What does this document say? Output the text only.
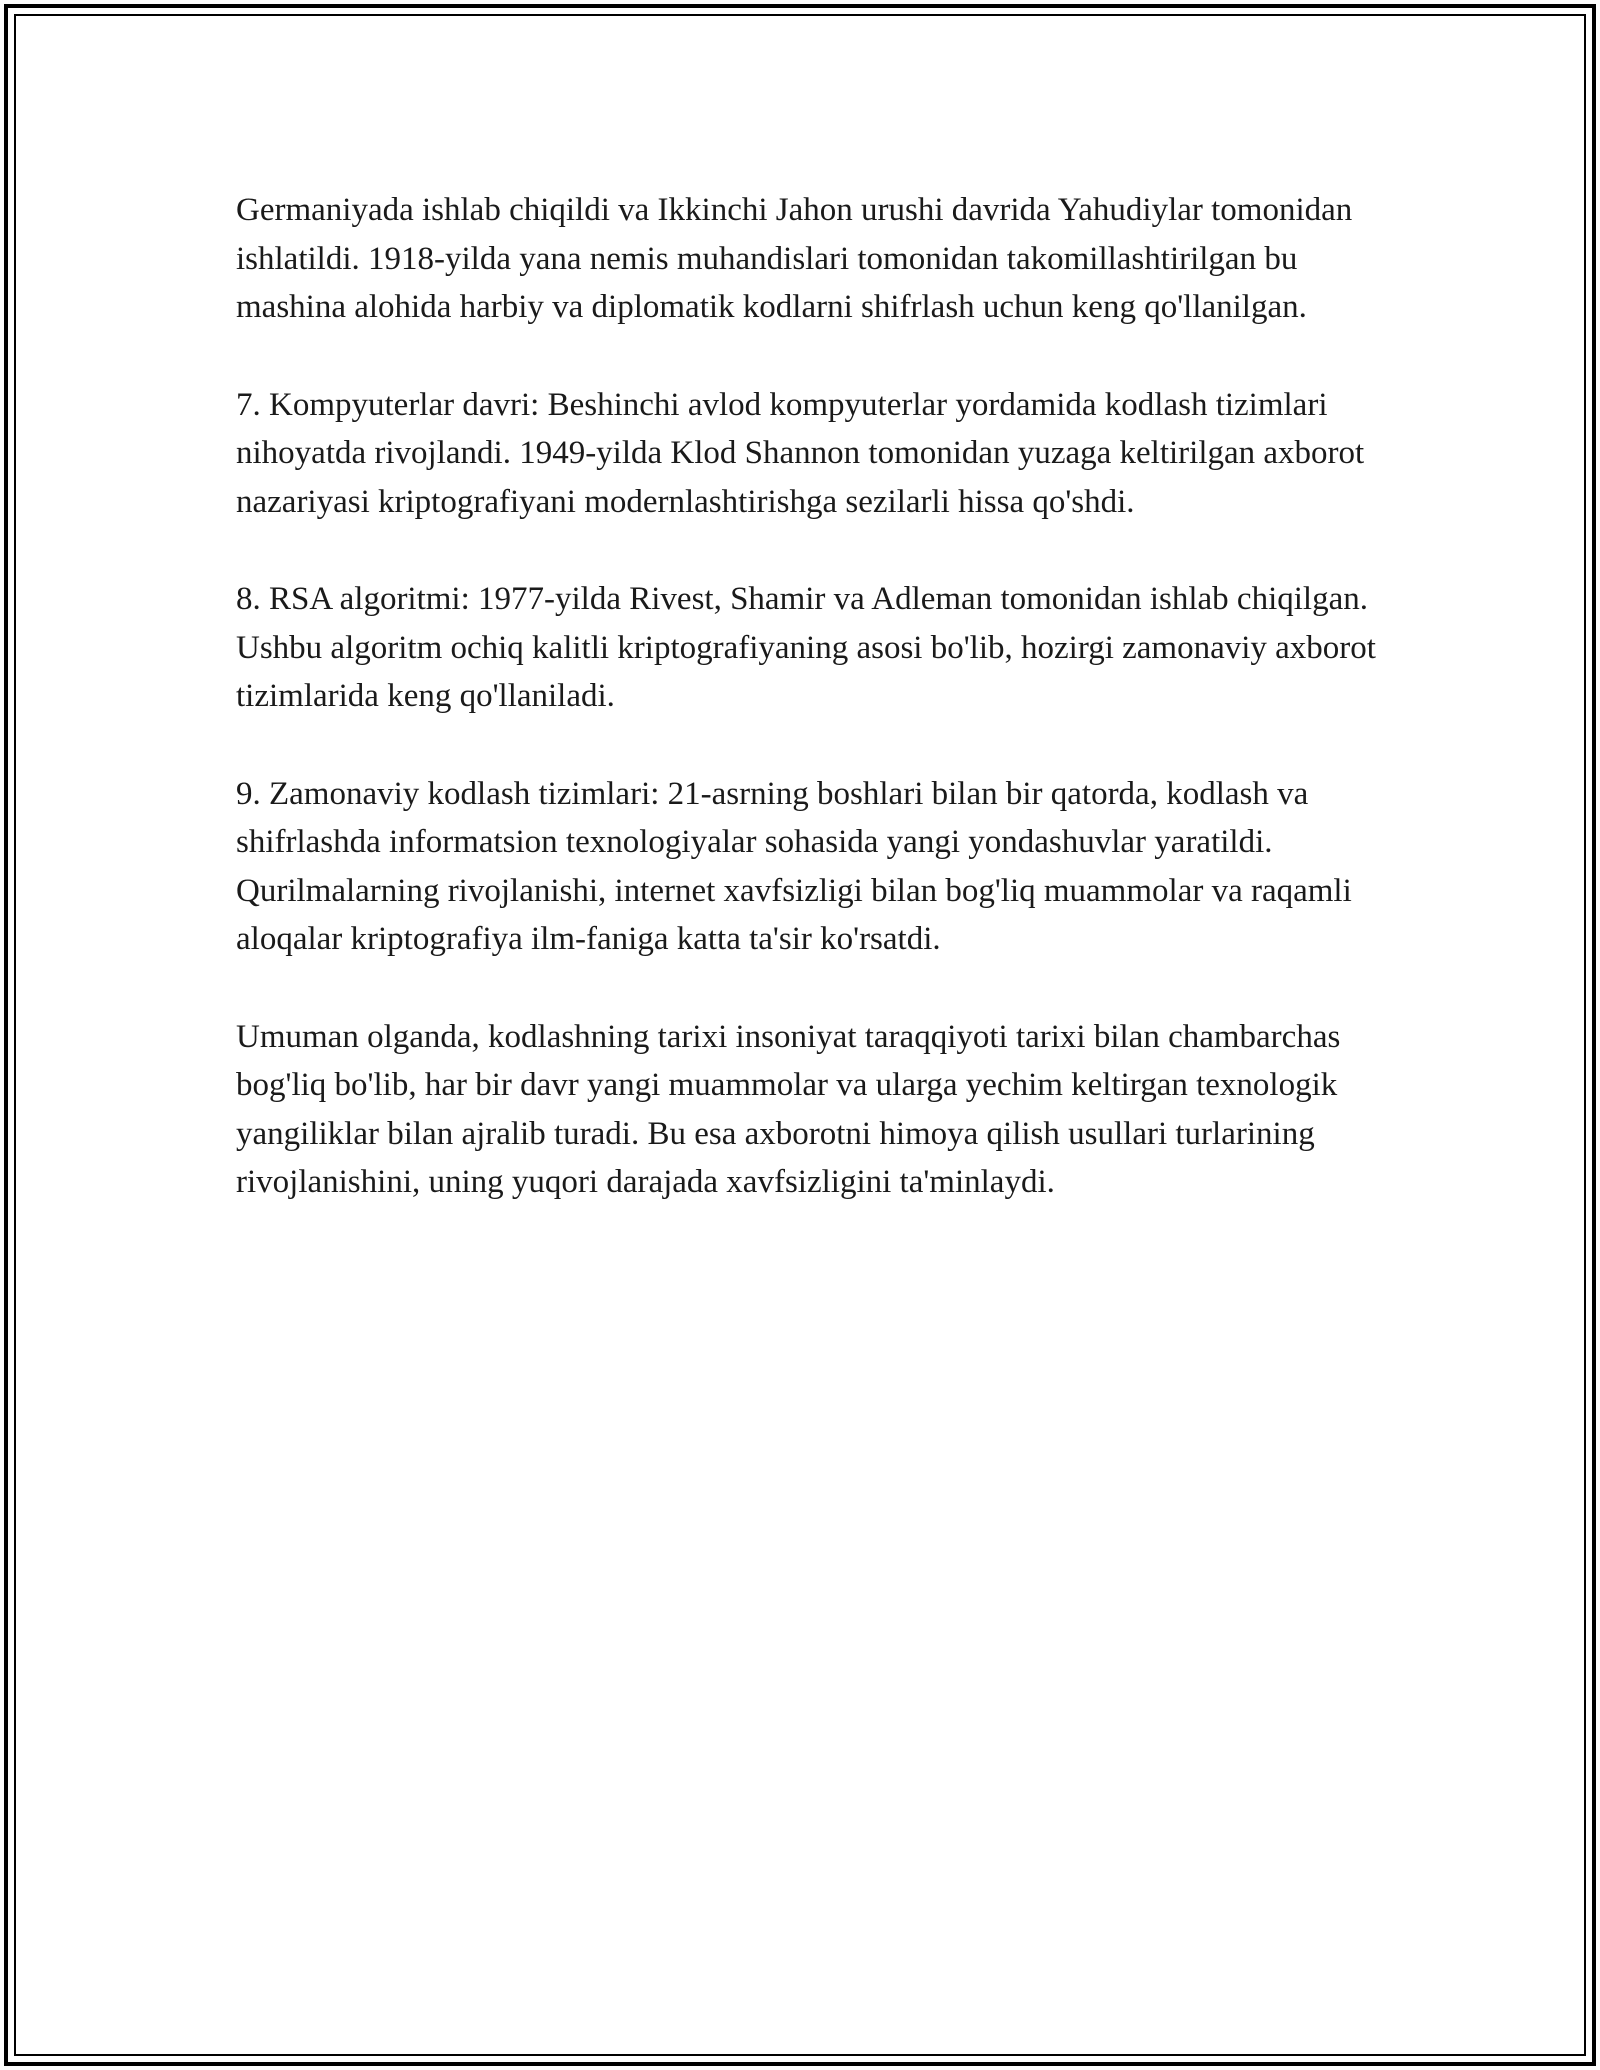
Germaniyada ishlab chiqildi va Ikkinchi Jahon urushi davrida Yahudiylar tomonidan ishlatildi. 1918-yilda yana nemis muhandislari tomonidan takomillashtirilgan bu mashina alohida harbiy va diplomatik kodlarni shifrlash uchun keng qo'llanilgan.

7. Kompyuterlar davri: Beshinchi avlod kompyuterlar yordamida kodlash tizimlari nihoyatda rivojlandi. 1949-yilda Klod Shannon tomonidan yuzaga keltirilgan axborot nazariyasi kriptografiyani modernlashtirishga sezilarli hissa qo'shdi.

8. RSA algoritmi: 1977-yilda Rivest, Shamir va Adleman tomonidan ishlab chiqilgan. Ushbu algoritm ochiq kalitli kriptografiyaning asosi bo'lib, hozirgi zamonaviy axborot tizimlarida keng qo'llaniladi.

9. Zamonaviy kodlash tizimlari: 21-asrning boshlari bilan bir qatorda, kodlash va shifrlashda informatsion texnologiyalar sohasida yangi yondashuvlar yaratildi. Qurilmalarning rivojlanishi, internet xavfsizligi bilan bog'liq muammolar va raqamli aloqalar kriptografiya ilm-faniga katta ta'sir ko'rsatdi.

Umuman olganda, kodlashning tarixi insoniyat taraqqiyoti tarixi bilan chambarchas bog'liq bo'lib, har bir davr yangi muammolar va ularga yechim keltirgan texnologik yangiliklar bilan ajralib turadi. Bu esa axborotni himoya qilish usullari turlarining rivojlanishini, uning yuqori darajada xavfsizligini ta'minlaydi.
